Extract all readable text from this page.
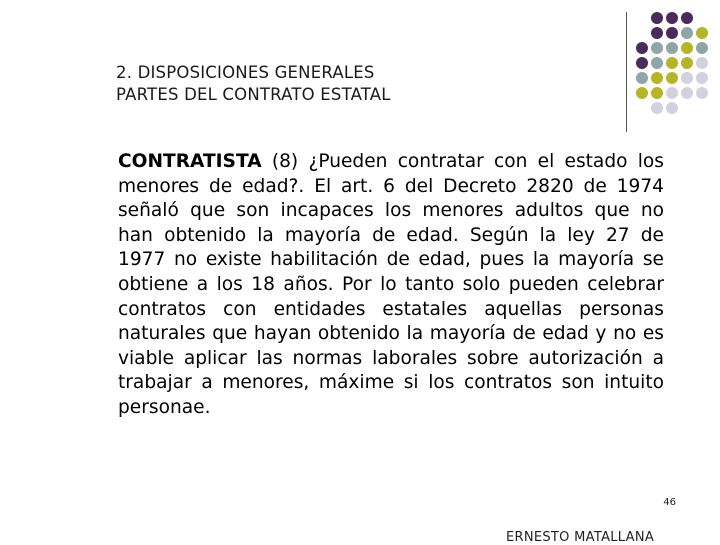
2. DISPOSICIONES GENERALES
PARTES DEL CONTRATO ESTATAL
CONTRATISTA (8) ¿Pueden contratar con el estado los menores de edad?. El art. 6 del Decreto 2820 de 1974 señaló que son incapaces los menores adultos que no han obtenido la mayoría de edad. Según la ley 27 de 1977 no existe habilitación de edad, pues la mayoría se obtiene a los 18 años. Por lo tanto solo pueden celebrar contratos con entidades estatales aquellas personas naturales que hayan obtenido la mayoría de edad y no es viable aplicar las normas laborales sobre autorización a trabajar a menores, máxime si los contratos son intuito personae.
46
ERNESTO MATALLANA
